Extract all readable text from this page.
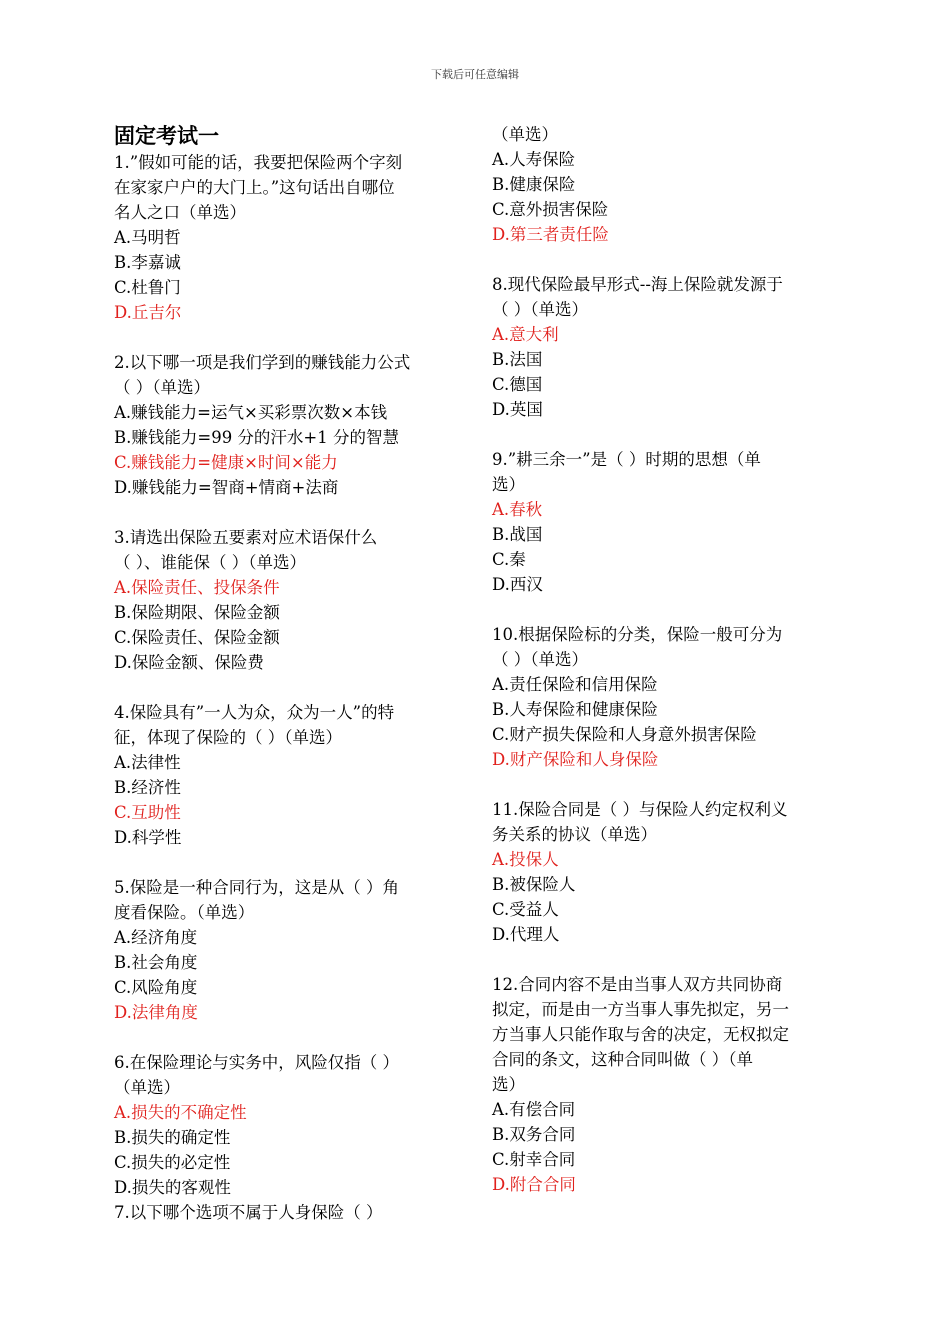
下载后可任意编辑
固定考试一
1.”假如可能的话，我要把保险两个字刻
在家家户户的大门上。”这句话出自哪位
名人之口（单选）
A.马明哲
B.李嘉诚
C.杜鲁门
D.丘吉尔
2.以下哪一项是我们学到的赚钱能力公式
（ ）（单选）
A.赚钱能力=运气×买彩票次数×本钱
B.赚钱能力=99 分的汗水+1 分的智慧
C.赚钱能力=健康×时间×能力
D.赚钱能力=智商+情商+法商
3.请选出保险五要素对应术语保什么
（ ）、谁能保（ ）（单选）
A.保险责任、投保条件
B.保险期限、保险金额
C.保险责任、保险金额
D.保险金额、保险费
4.保险具有”一人为众，众为一人”的特
征，体现了保险的（ ）（单选）
A.法律性
B.经济性
C.互助性
D.科学性
5.保险是一种合同行为，这是从（ ）角
度看保险。（单选）
A.经济角度
B.社会角度
C.风险角度
D.法律角度
6.在保险理论与实务中，风险仅指（ ）
（单选）
A.损失的不确定性
B.损失的确定性
C.损失的必定性
D.损失的客观性
7.以下哪个选项不属于人身保险（ ）
（单选）
A.人寿保险
B.健康保险
C.意外损害保险
D.第三者责任险
8.现代保险最早形式--海上保险就发源于
（ ）（单选）
A.意大利
B.法国
C.德国
D.英国
9.”耕三余一”是（ ）时期的思想（单
选）
A.春秋
B.战国
C.秦
D.西汉
10.根据保险标的分类，保险一般可分为
（ ）（单选）
A.责任保险和信用保险
B.人寿保险和健康保险
C.财产损失保险和人身意外损害保险
D.财产保险和人身保险
11.保险合同是（ ）与保险人约定权利义
务关系的协议（单选）
A.投保人
B.被保险人
C.受益人
D.代理人
12.合同内容不是由当事人双方共同协商
拟定，而是由一方当事人事先拟定，另一
方当事人只能作取与舍的决定，无权拟定
合同的条文，这种合同叫做（ ）（单
选）
A.有偿合同
B.双务合同
C.射幸合同
D.附合合同
